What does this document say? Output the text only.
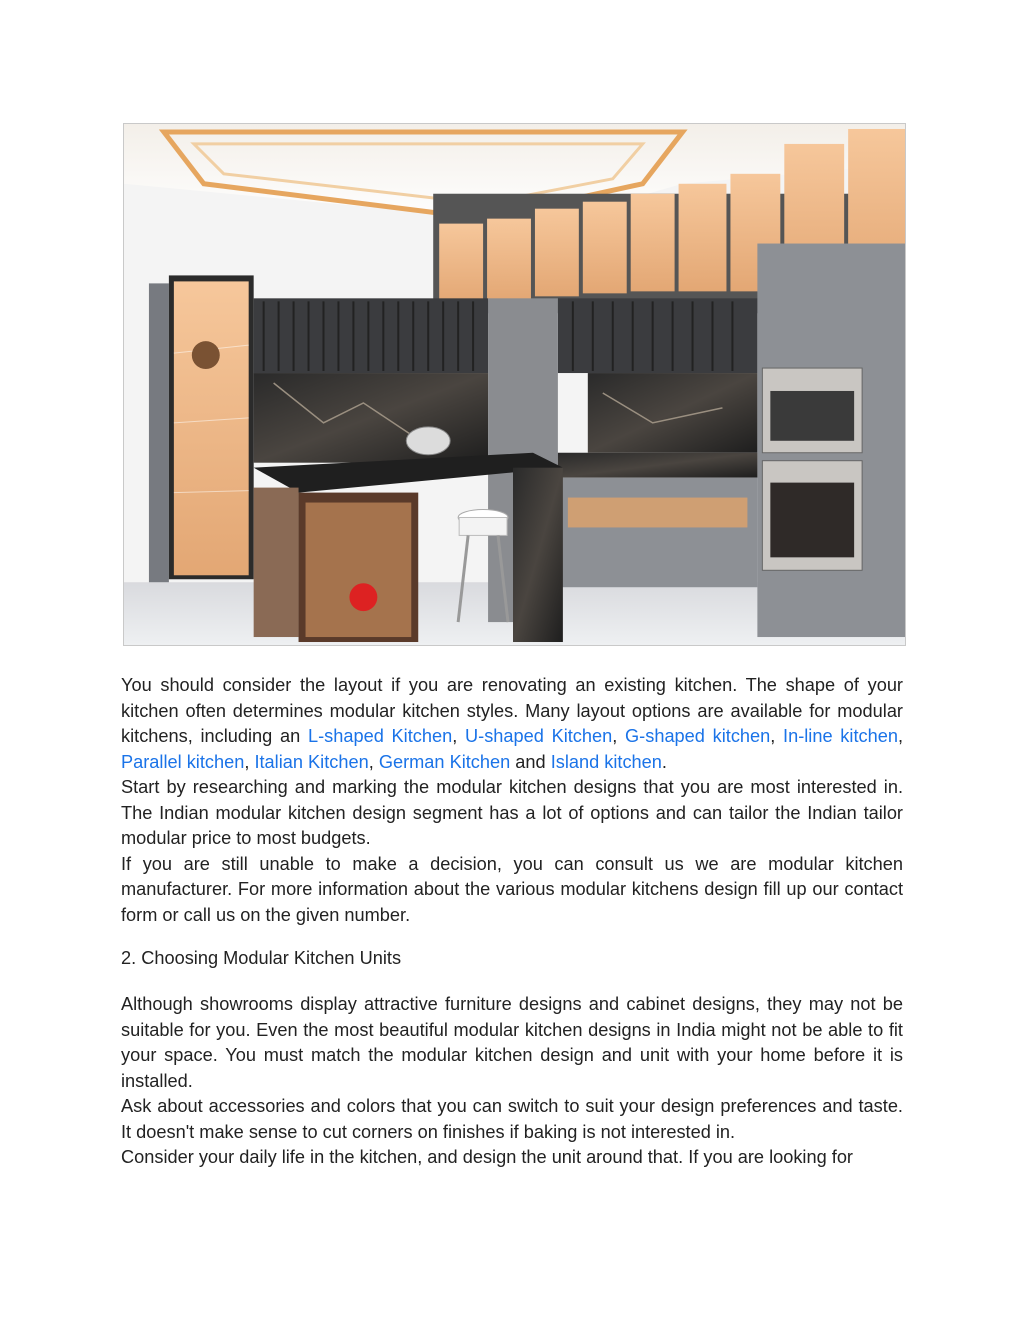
You should consider the layout if you are renovating an existing kitchen. The shape of your kitchen often determines modular kitchen styles. Many layout options are available for modular kitchens, including an L-shaped Kitchen, U-shaped Kitchen, G-shaped kitchen, In-line kitchen, Parallel kitchen, Italian Kitchen, German Kitchen and Island kitchen.

Start by researching and marking the modular kitchen designs that you are most interested in. The Indian modular kitchen design segment has a lot of options and can tailor the Indian tailor modular price to most budgets.

If you are still unable to make a decision, you can consult us we are modular kitchen manufacturer. For more information about the various modular kitchens design fill up our contact form or call us on the given number.

2. Choosing Modular Kitchen Units

Although showrooms display attractive furniture designs and cabinet designs, they may not be suitable for you. Even the most beautiful modular kitchen designs in India might not be able to fit your space. You must match the modular kitchen design and unit with your home before it is installed.

Ask about accessories and colors that you can switch to suit your design preferences and taste. It doesn't make sense to cut corners on finishes if baking is not interested in.

Consider your daily life in the kitchen, and design the unit around that. If you are looking for
